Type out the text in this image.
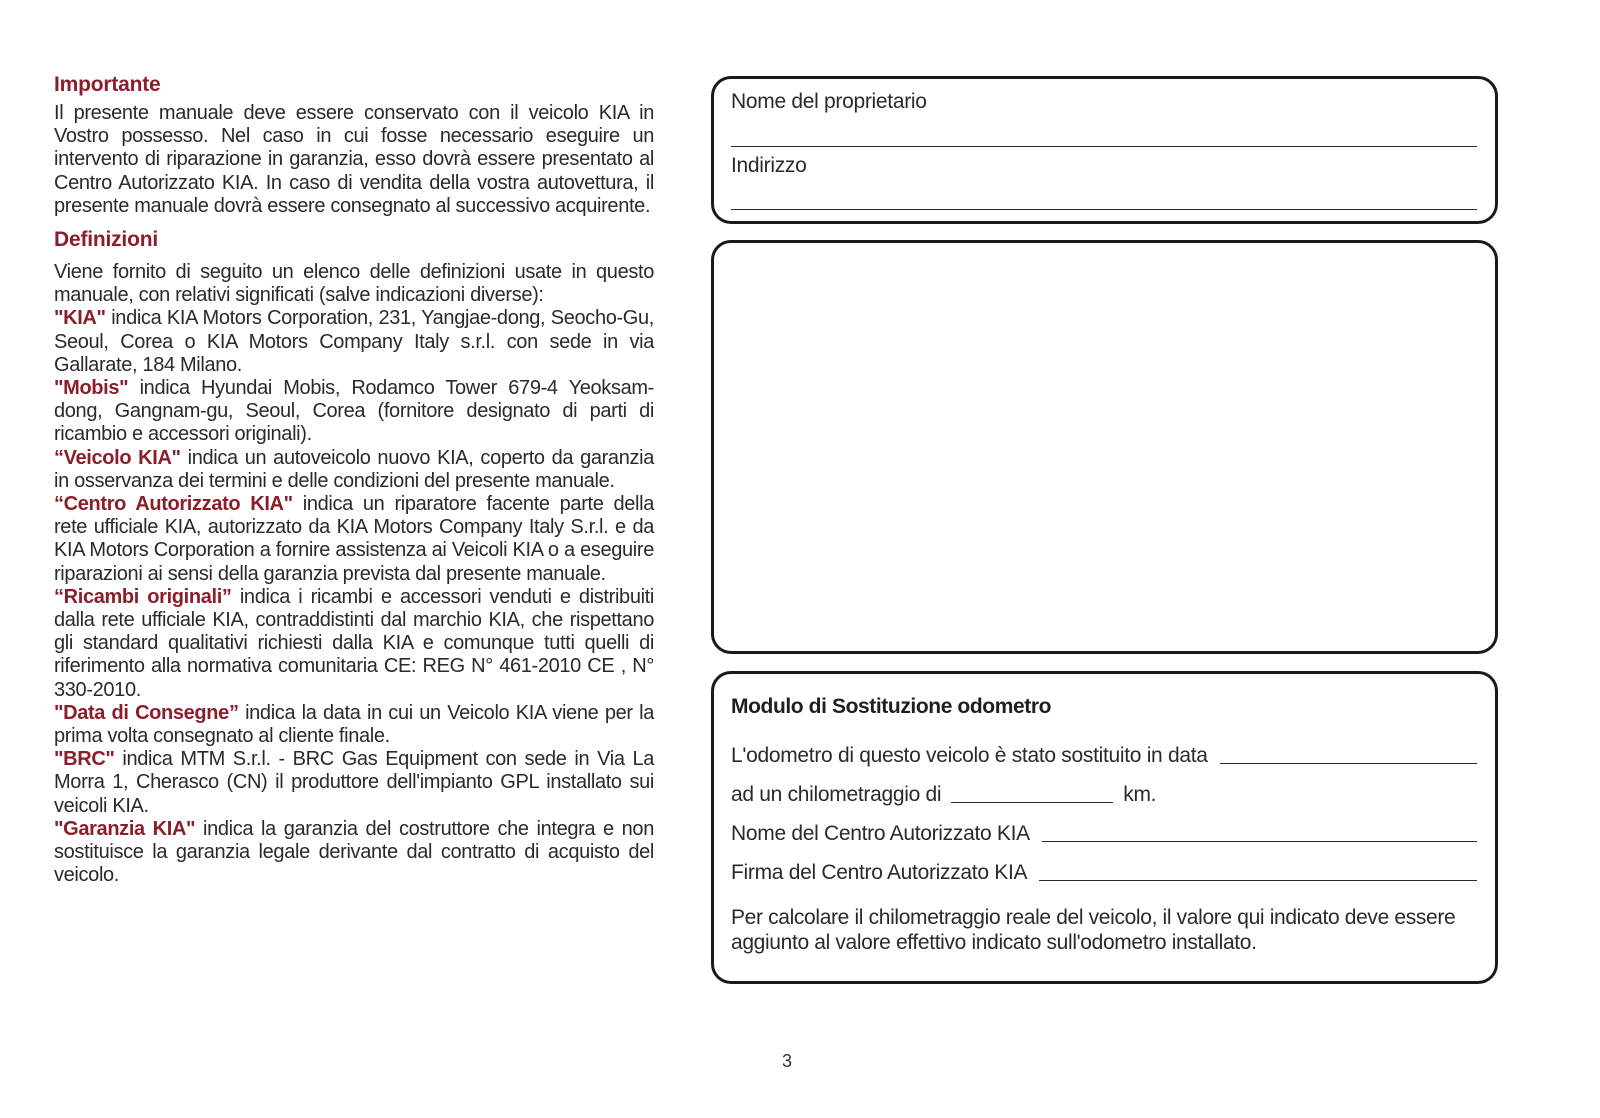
Importante

Il presente manuale deve essere conservato con il veicolo KIA in Vostro possesso. Nel caso in cui fosse necessario eseguire un intervento di riparazione in garanzia, esso dovrà essere presentato al Centro Autorizzato KIA. In caso di vendita della vostra autovettura, il presente manuale dovrà essere consegnato al successivo acquirente.

Definizioni

Viene fornito di seguito un elenco delle definizioni usate in questo manuale, con relativi significati (salve indicazioni diverse):

"KIA" indica KIA Motors Corporation, 231, Yangjae-dong, Seocho-Gu, Seoul, Corea o KIA Motors Company Italy s.r.l. con sede in via Gallarate, 184 Milano.

"Mobis" indica Hyundai Mobis, Rodamco Tower 679-4 Yeoksam-dong, Gangnam-gu, Seoul, Corea (fornitore designato di parti di ricambio e accessori originali).

“Veicolo KIA" indica un autoveicolo nuovo KIA, coperto da garanzia in osservanza dei termini e delle condizioni del presente manuale.

“Centro Autorizzato KIA" indica un riparatore facente parte della rete ufficiale KIA, autorizzato da KIA Motors Company Italy S.r.l. e da KIA Motors Corporation a fornire assistenza ai Veicoli KIA o a eseguire riparazioni ai sensi della garanzia prevista dal presente manuale.

“Ricambi originali” indica i ricambi e accessori venduti e distribuiti dalla rete ufficiale KIA, contraddistinti dal marchio KIA, che rispettano gli standard qualitativi richiesti dalla KIA e comunque tutti quelli di riferimento alla normativa comunitaria CE: REG N° 461-2010 CE , N° 330-2010.

"Data di Consegne” indica la data in cui un Veicolo KIA viene per la prima volta consegnato al cliente finale.

"BRC" indica MTM S.r.l. - BRC Gas Equipment con sede in Via La Morra 1, Cherasco (CN) il produttore dell'impianto GPL installato sui veicoli KIA.

"Garanzia KIA" indica la garanzia del costruttore che integra e non sostituisce la garanzia legale derivante dal contratto di acquisto del veicolo.

Nome del proprietario
Indirizzo
Modulo di Sostituzione odometro
L'odometro di questo veicolo è stato sostituito in data
ad un chilometraggio di	km.
Nome del Centro Autorizzato KIA
Firma del Centro Autorizzato KIA
Per calcolare il chilometraggio reale del veicolo, il valore qui indicato deve essere aggiunto al valore effettivo indicato sull'odometro installato.
3
